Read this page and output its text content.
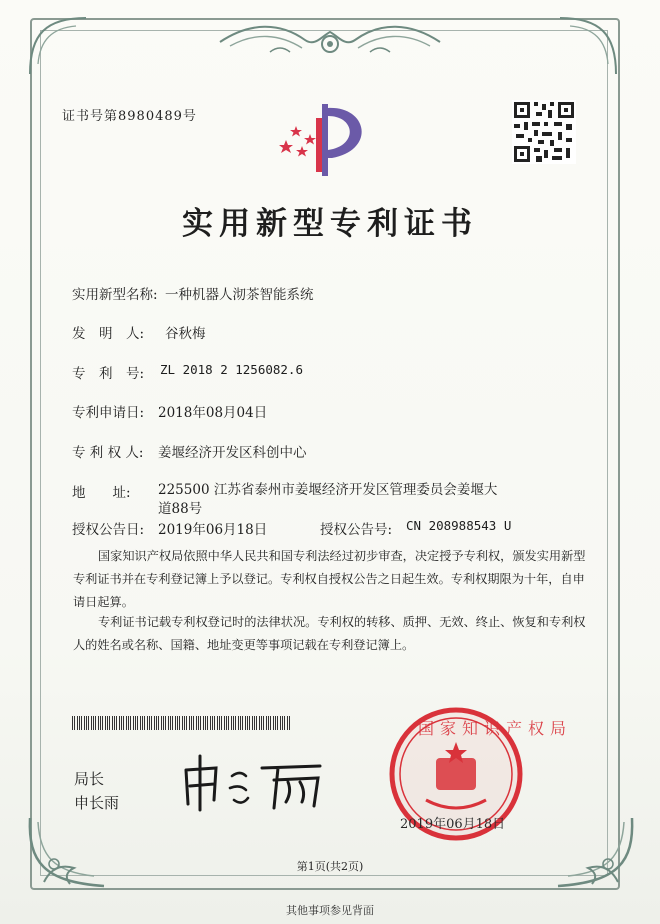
证书号第8980489号
实用新型专利证书
实用新型名称: 一种机器人沏茶智能系统
发　明　人: 谷秋梅
专　利　号: ZL 2018 2 1256082.6
专利申请日: 2018年08月04日
专 利 权 人: 姜堰经济开发区科创中心
地　　址: 225500 江苏省泰州市姜堰经济开发区管理委员会姜堰大
道88号
授权公告日: 2019年06月18日	授权公告号: CN 208988543 U
国家知识产权局依照中华人民共和国专利法经过初步审查，决定授予专利权，颁发实用新型专利证书并在专利登记簿上予以登记。专利权自授权公告之日起生效。专利权期限为十年，自申请日起算。
专利证书记载专利权登记时的法律状况。专利权的转移、质押、无效、终止、恢复和专利权人的姓名或名称、国籍、地址变更等事项记载在专利登记簿上。
局长
申长雨
国家知识产权局
2019年06月18日
第1页(共2页)
其他事项参见背面
